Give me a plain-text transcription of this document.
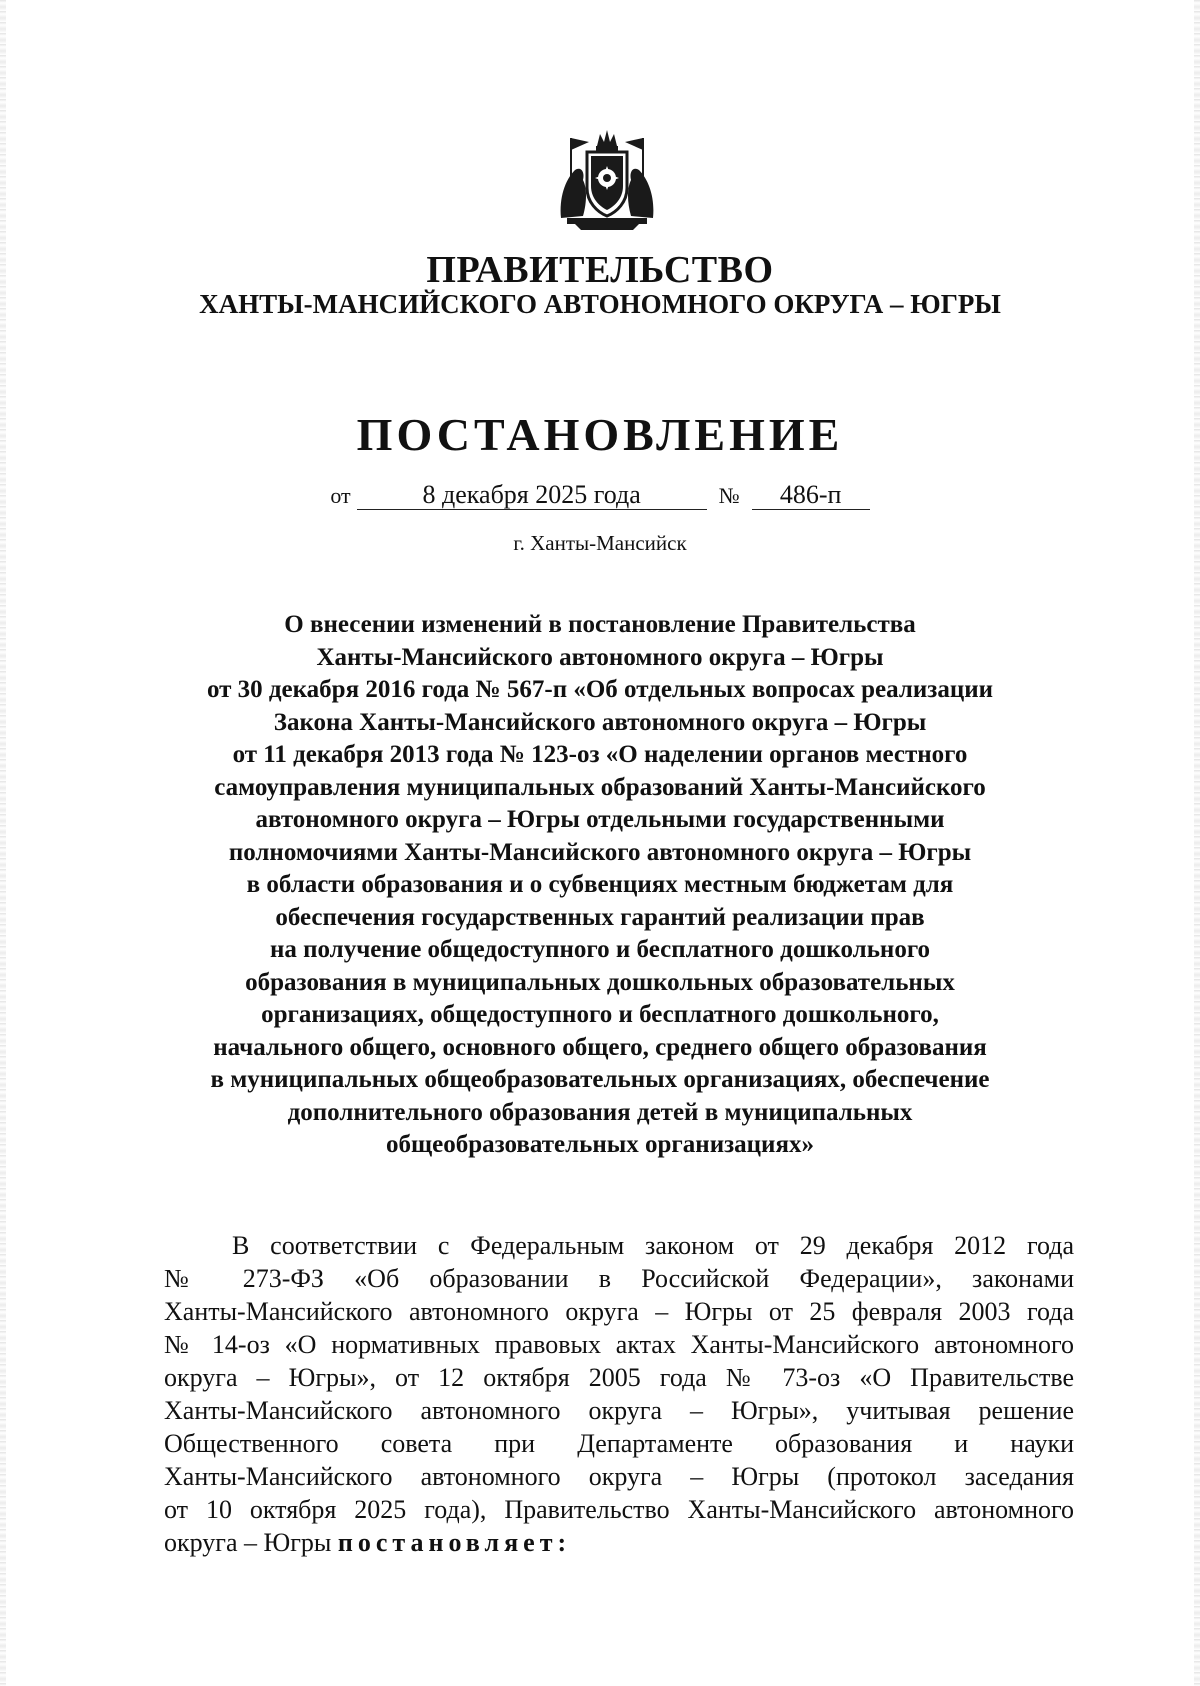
ПРАВИТЕЛЬСТВО
ХАНТЫ-МАНСИЙСКОГО АВТОНОМНОГО ОКРУГА – ЮГРЫ
ПОСТАНОВЛЕНИЕ
от	8 декабря 2025 года	№ 486-п
г. Ханты-Мансийск
О внесении изменений в постановление Правительства
Ханты-Мансийского автономного округа – Югры
от 30 декабря 2016 года № 567-п «Об отдельных вопросах реализации
Закона Ханты-Мансийского автономного округа – Югры
от 11 декабря 2013 года № 123-оз «О наделении органов местного
самоуправления муниципальных образований Ханты-Мансийского
автономного округа – Югры отдельными государственными
полномочиями Ханты-Мансийского автономного округа – Югры
в области образования и о субвенциях местным бюджетам для
обеспечения государственных гарантий реализации прав
на получение общедоступного и бесплатного дошкольного
образования в муниципальных дошкольных образовательных
организациях, общедоступного и бесплатного дошкольного,
начального общего, основного общего, среднего общего образования
в муниципальных общеобразовательных организациях, обеспечение
дополнительного образования детей в муниципальных
общеобразовательных организациях»
В соответствии с Федеральным законом от 29 декабря 2012 года
№ 273-ФЗ «Об образовании в Российской Федерации», законами
Ханты-Мансийского автономного округа – Югры от 25 февраля 2003 года
№ 14-оз «О нормативных правовых актах Ханты-Мансийского автономного
округа – Югры», от 12 октября 2005 года № 73-оз «О Правительстве
Ханты-Мансийского автономного округа – Югры», учитывая решение
Общественного совета при Департаменте образования и науки
Ханты-Мансийского автономного округа – Югры (протокол заседания
от 10 октября 2025 года), Правительство Ханты-Мансийского автономного
округа – Югры постановляет:
